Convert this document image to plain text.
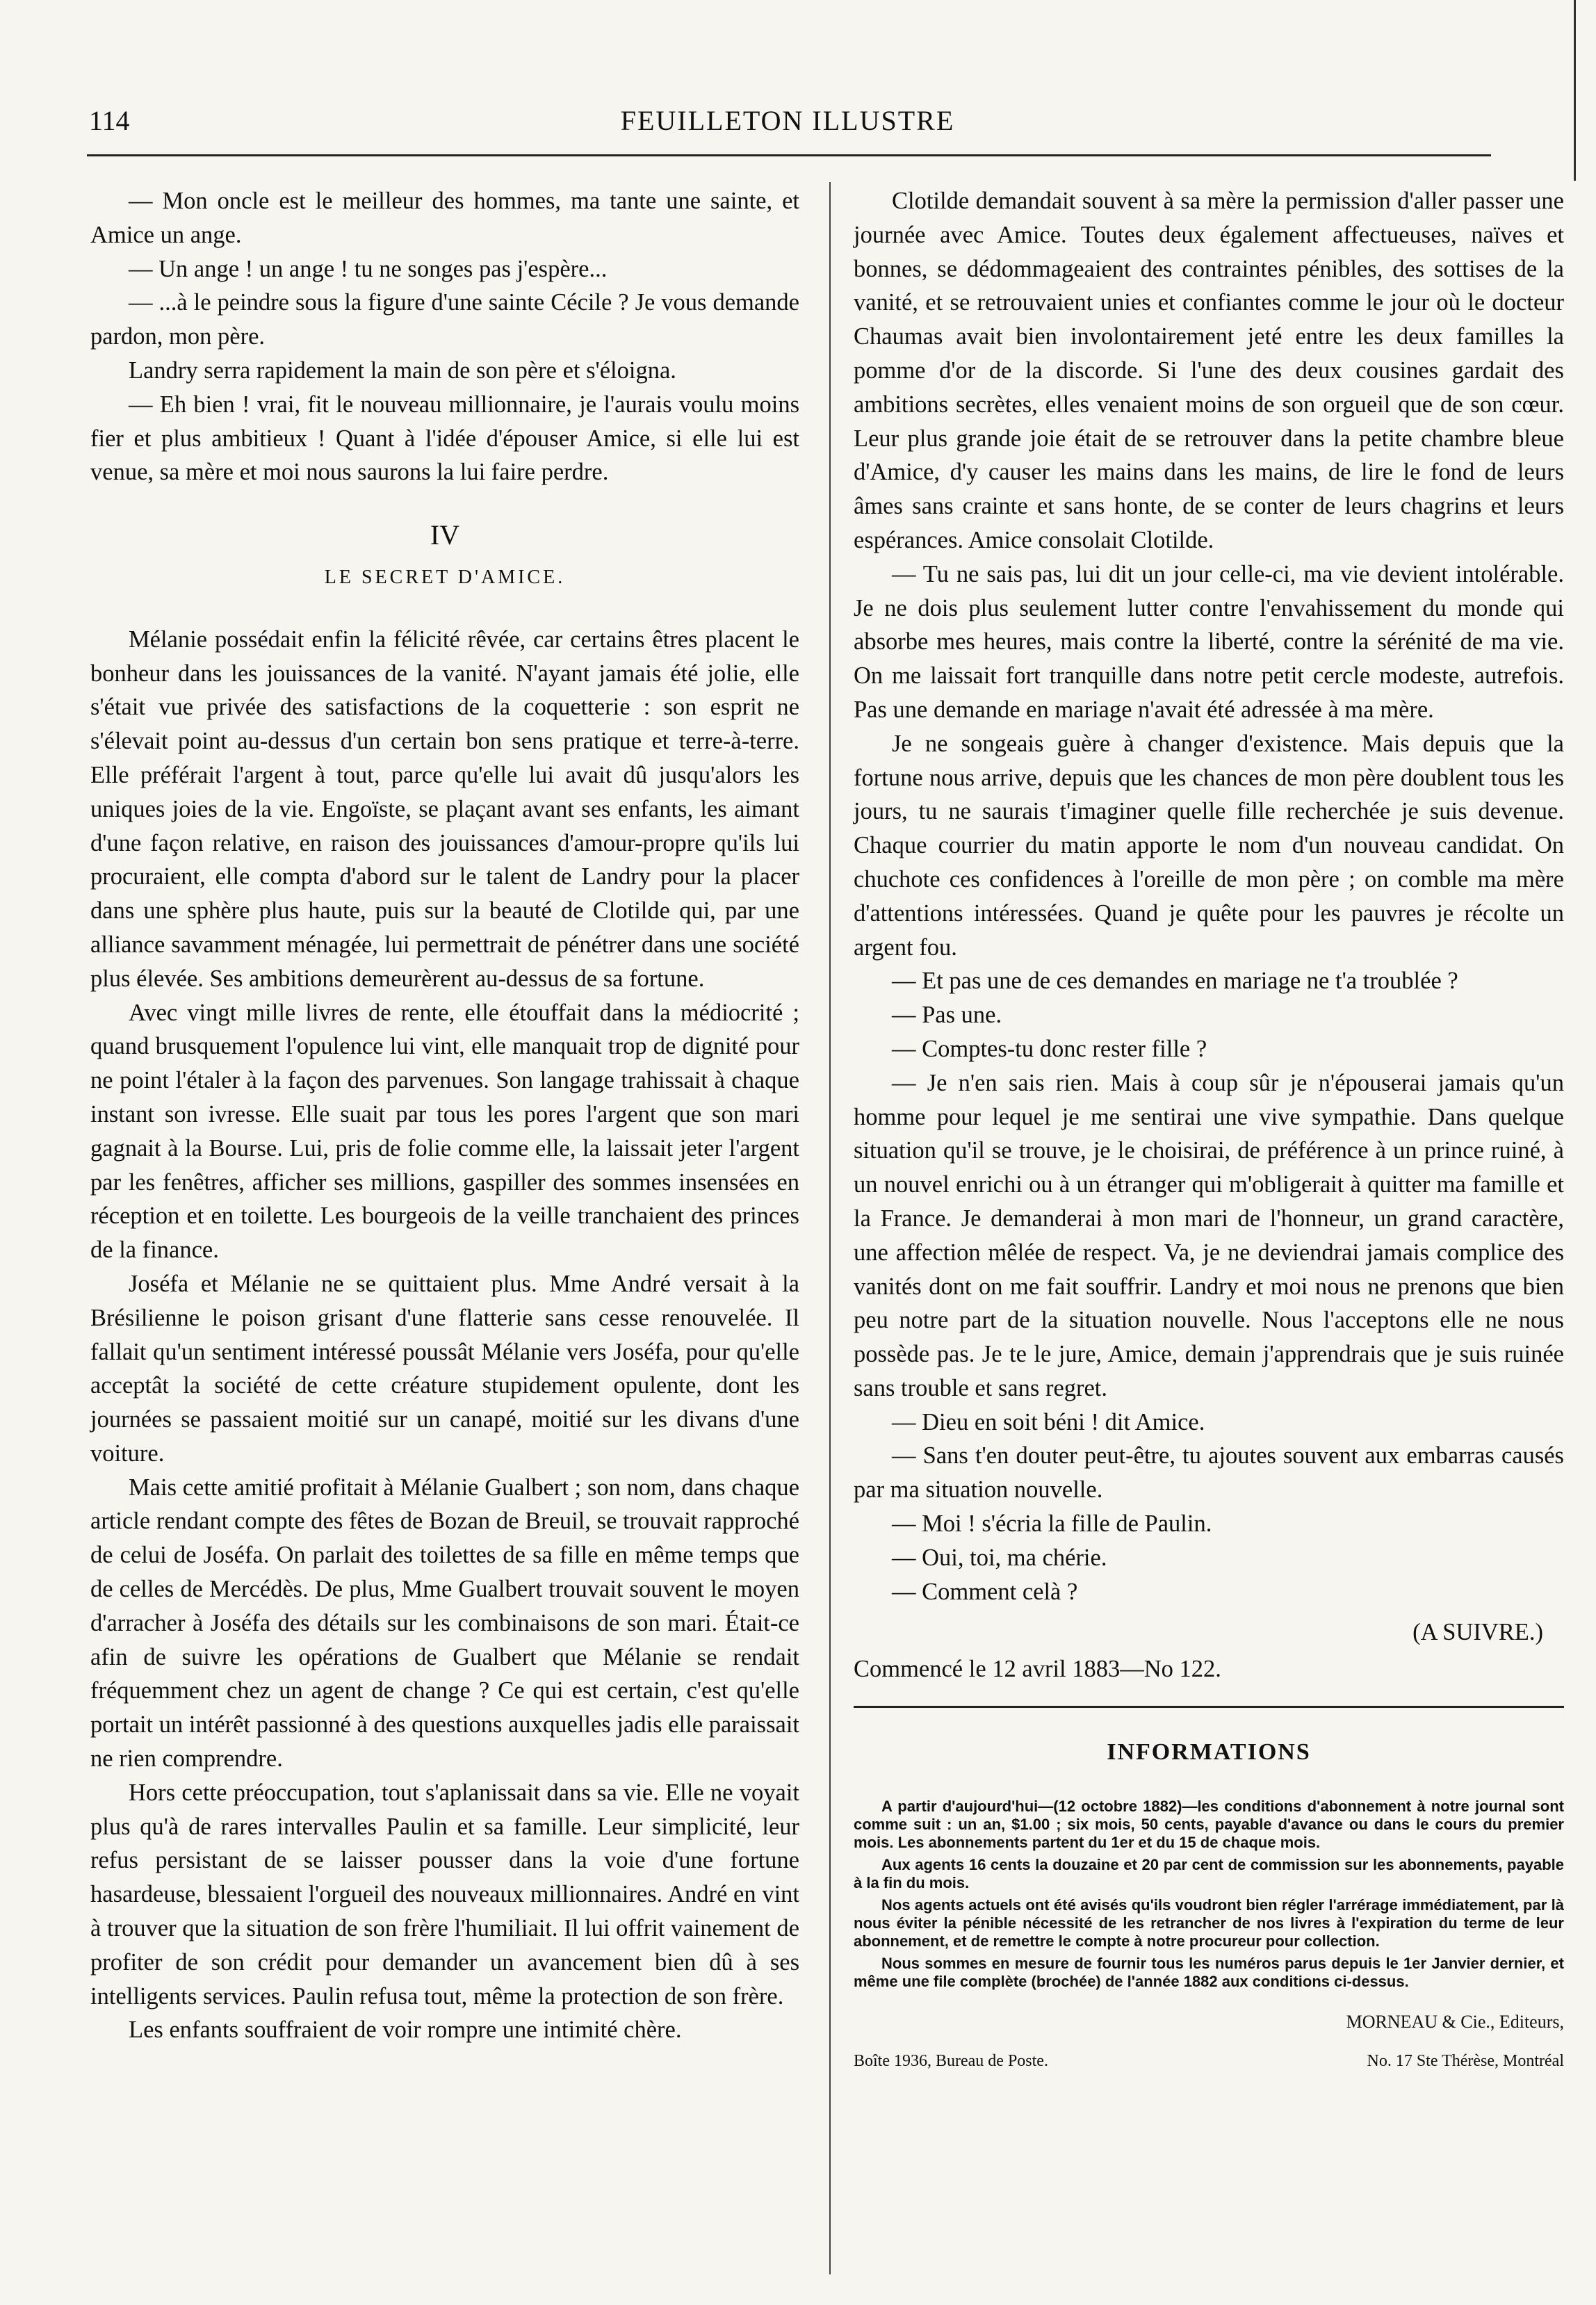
114	FEUILLETON ILLUSTRE

— Mon oncle est le meilleur des hommes, ma tante une sainte, et Amice un ange.

— Un ange ! un ange ! tu ne songes pas j'espère...

— ...à le peindre sous la figure d'une sainte Cécile ? Je vous demande pardon, mon père.

Landry serra rapidement la main de son père et s'éloigna.

— Eh bien ! vrai, fit le nouveau millionnaire, je l'aurais voulu moins fier et plus ambitieux ! Quant à l'idée d'épouser Amice, si elle lui est venue, sa mère et moi nous saurons la lui faire perdre.

IV

LE SECRET D'AMICE.

Mélanie possédait enfin la félicité rêvée, car certains êtres placent le bonheur dans les jouissances de la vanité. N'ayant jamais été jolie, elle s'était vue privée des satisfactions de la coquetterie : son esprit ne s'élevait point au-dessus d'un certain bon sens pratique et terre-à-terre. Elle préférait l'argent à tout, parce qu'elle lui avait dû jusqu'alors les uniques joies de la vie. Engoïste, se plaçant avant ses enfants, les aimant d'une façon relative, en raison des jouissances d'amour-propre qu'ils lui procuraient, elle compta d'abord sur le talent de Landry pour la placer dans une sphère plus haute, puis sur la beauté de Clotilde qui, par une alliance savamment ménagée, lui permettrait de pénétrer dans une société plus élevée. Ses ambitions demeurèrent au-dessus de sa fortune.

Avec vingt mille livres de rente, elle étouffait dans la médiocrité ; quand brusquement l'opulence lui vint, elle manquait trop de dignité pour ne point l'étaler à la façon des parvenues. Son langage trahissait à chaque instant son ivresse. Elle suait par tous les pores l'argent que son mari gagnait à la Bourse. Lui, pris de folie comme elle, la laissait jeter l'argent par les fenêtres, afficher ses millions, gaspiller des sommes insensées en réception et en toilette. Les bourgeois de la veille tranchaient des princes de la finance.

Joséfa et Mélanie ne se quittaient plus. Mme André versait à la Brésilienne le poison grisant d'une flatterie sans cesse renouvelée. Il fallait qu'un sentiment intéressé poussât Mélanie vers Joséfa, pour qu'elle acceptât la société de cette créature stupidement opulente, dont les journées se passaient moitié sur un canapé, moitié sur les divans d'une voiture.

Mais cette amitié profitait à Mélanie Gualbert ; son nom, dans chaque article rendant compte des fêtes de Bozan de Breuil, se trouvait rapproché de celui de Joséfa. On parlait des toilettes de sa fille en même temps que de celles de Mercédès. De plus, Mme Gualbert trouvait souvent le moyen d'arracher à Joséfa des détails sur les combinaisons de son mari. Était-ce afin de suivre les opérations de Gualbert que Mélanie se rendait fréquemment chez un agent de change ? Ce qui est certain, c'est qu'elle portait un intérêt passionné à des questions auxquelles jadis elle paraissait ne rien comprendre.

Hors cette préoccupation, tout s'aplanissait dans sa vie. Elle ne voyait plus qu'à de rares intervalles Paulin et sa famille. Leur simplicité, leur refus persistant de se laisser pousser dans la voie d'une fortune hasardeuse, blessaient l'orgueil des nouveaux millionnaires. André en vint à trouver que la situation de son frère l'humiliait. Il lui offrit vainement de profiter de son crédit pour demander un avancement bien dû à ses intelligents services. Paulin refusa tout, même la protection de son frère.

Les enfants souffraient de voir rompre une intimité chère.

Clotilde demandait souvent à sa mère la permission d'aller passer une journée avec Amice. Toutes deux également affectueuses, naïves et bonnes, se dédommageaient des contraintes pénibles, des sottises de la vanité, et se retrouvaient unies et confiantes comme le jour où le docteur Chaumas avait bien involontairement jeté entre les deux familles la pomme d'or de la discorde. Si l'une des deux cousines gardait des ambitions secrètes, elles venaient moins de son orgueil que de son cœur. Leur plus grande joie était de se retrouver dans la petite chambre bleue d'Amice, d'y causer les mains dans les mains, de lire le fond de leurs âmes sans crainte et sans honte, de se conter de leurs chagrins et leurs espérances. Amice consolait Clotilde.

— Tu ne sais pas, lui dit un jour celle-ci, ma vie devient intolérable. Je ne dois plus seulement lutter contre l'envahissement du monde qui absorbe mes heures, mais contre la liberté, contre la sérénité de ma vie. On me laissait fort tranquille dans notre petit cercle modeste, autrefois. Pas une demande en mariage n'avait été adressée à ma mère.

Je ne songeais guère à changer d'existence. Mais depuis que la fortune nous arrive, depuis que les chances de mon père doublent tous les jours, tu ne saurais t'imaginer quelle fille recherchée je suis devenue. Chaque courrier du matin apporte le nom d'un nouveau candidat. On chuchote ces confidences à l'oreille de mon père ; on comble ma mère d'attentions intéressées. Quand je quête pour les pauvres je récolte un argent fou.

— Et pas une de ces demandes en mariage ne t'a troublée ?

— Pas une.

— Comptes-tu donc rester fille ?

— Je n'en sais rien. Mais à coup sûr je n'épouserai jamais qu'un homme pour lequel je me sentirai une vive sympathie. Dans quelque situation qu'il se trouve, je le choisirai, de préférence à un prince ruiné, à un nouvel enrichi ou à un étranger qui m'obligerait à quitter ma famille et la France. Je demanderai à mon mari de l'honneur, un grand caractère, une affection mêlée de respect. Va, je ne deviendrai jamais complice des vanités dont on me fait souffrir. Landry et moi nous ne prenons que bien peu notre part de la situation nouvelle. Nous l'acceptons elle ne nous possède pas. Je te le jure, Amice, demain j'apprendrais que je suis ruinée sans trouble et sans regret.

— Dieu en soit béni ! dit Amice.

— Sans t'en douter peut-être, tu ajoutes souvent aux embarras causés par ma situation nouvelle.

— Moi ! s'écria la fille de Paulin.

— Oui, toi, ma chérie.

— Comment celà ?

(A SUIVRE.)

Commencé le 12 avril 1883—No 122.

INFORMATIONS

A partir d'aujourd'hui—(12 octobre 1882)—les conditions d'abonnement à notre journal sont comme suit : un an, $1.00 ; six mois, 50 cents, payable d'avance ou dans le cours du premier mois. Les abonnements partent du 1er et du 15 de chaque mois.

Aux agents 16 cents la douzaine et 20 par cent de commission sur les abonnements, payable à la fin du mois.

Nos agents actuels ont été avisés qu'ils voudront bien régler l'arrérage immédiatement, par là nous éviter la pénible nécessité de les retrancher de nos livres à l'expiration du terme de leur abonnement, et de remettre le compte à notre procureur pour collection.

Nous sommes en mesure de fournir tous les numéros parus depuis le 1er Janvier dernier, et même une file complète (brochée) de l'année 1882 aux conditions ci-dessus.

MORNEAU & Cie., Editeurs,
Boîte 1936, Bureau de Poste.	No. 17 Ste Thérèse, Montréal
